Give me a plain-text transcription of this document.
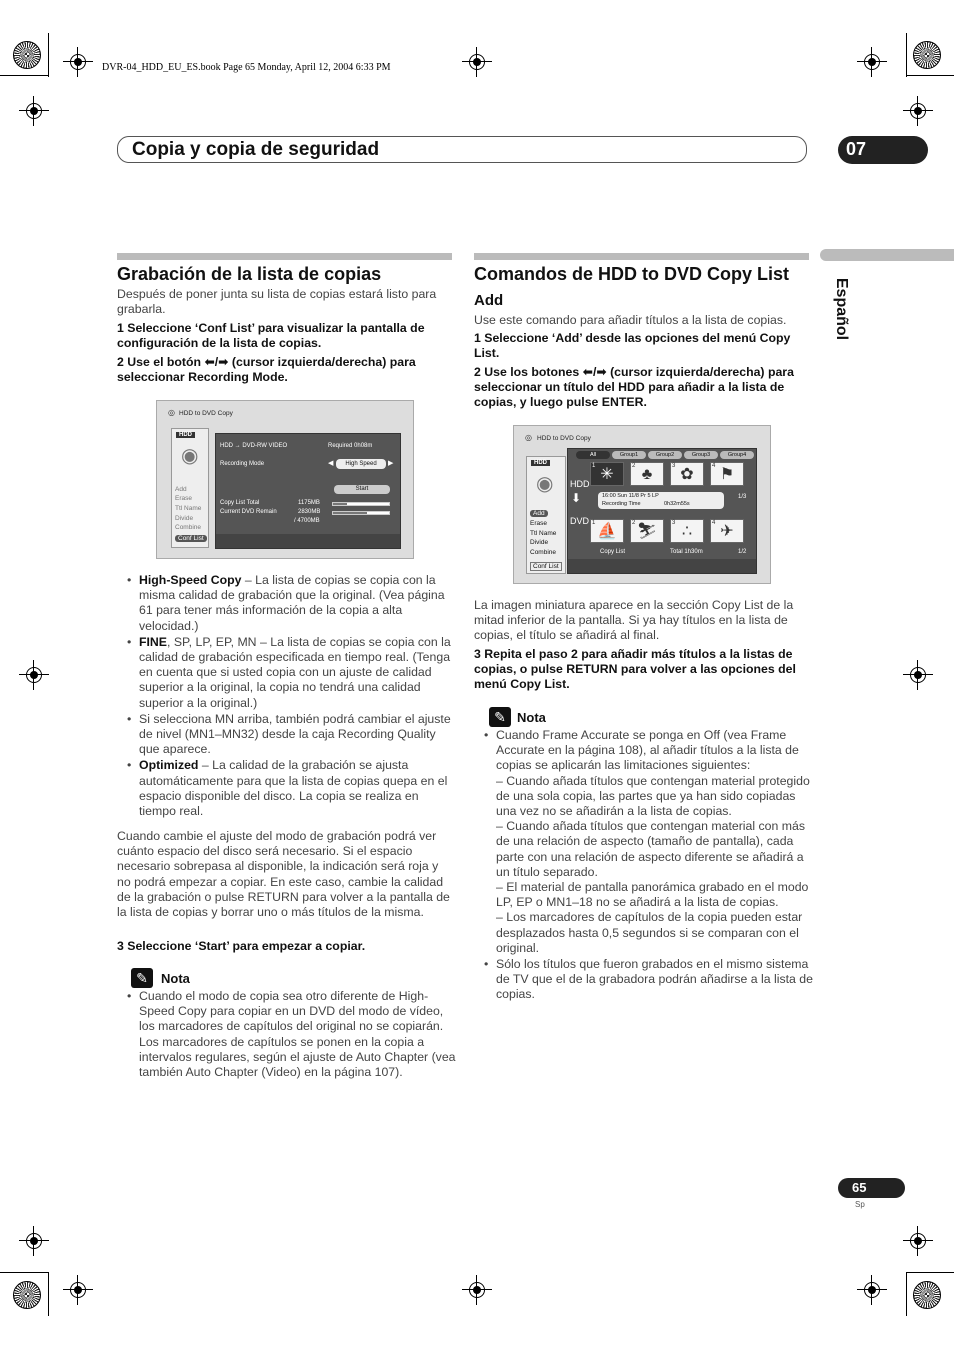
DVR-04_HDD_EU_ES.book Page 65 Monday, April 12, 2004 6:33 PM
Copia y copia de seguridad	07
Español
Grabación de la lista de copias
Después de poner junta su lista de copias estará listo para grabarla.
1 Seleccione ‘Conf List’ para visualizar la pantalla de configuración de la lista de copias.
2 Use el botón ⬅/➡ (cursor izquierda/derecha) para seleccionar Recording Mode.
HDD to DVD Copy
◎
HDD
◉
Add
Erase
Ttl Name
Divide
Combine
Conf List
HDD → DVD-RW VIDEO	Required 0h08m
Recording Mode	◀	High Speed	▶
Start
Copy List Total	1175MB
Current DVD Remain	2830MB
/ 4700MB
• High-Speed Copy – La lista de copias se copia con la misma calidad de grabación que la original. (Vea página 61 para tener más información de la copia a alta velocidad.)
• FINE, SP, LP, EP, MN – La lista de copias se copia con la calidad de grabación especificada en tiempo real. (Tenga en cuenta que si usted copia con un ajuste de calidad superior a la original, la copia no tendrá una calidad superior a la original.)
• Si selecciona MN arriba, también podrá cambiar el ajuste de nivel (MN1–MN32) desde la caja Recording Quality que aparece.
• Optimized – La calidad de la grabación se ajusta automáticamente para que la lista de copias quepa en el espacio disponible del disco. La copia se realiza en tiempo real.
Cuando cambie el ajuste del modo de grabación podrá ver cuánto espacio del disco será necesario. Si el espacio necesario sobrepasa al disponible, la indicación será roja y no podrá empezar a copiar. En este caso, cambie la calidad de la grabación o pulse RETURN para volver a la pantalla de la lista de copias y borrar uno o más títulos de la misma.
3 Seleccione ‘Start’ para empezar a copiar.
✎	Nota
• Cuando el modo de copia sea otro diferente de High-Speed Copy para copiar en un DVD del modo de vídeo, los marcadores de capítulos del original no se copiarán. Los marcadores de capítulos se ponen en la copia a intervalos regulares, según el ajuste de Auto Chapter (vea también Auto Chapter (Video) en la página 107).
Comandos de HDD to DVD Copy List
Add
Use este comando para añadir títulos a la lista de copias.
1 Seleccione ‘Add’ desde las opciones del menú Copy List.
2 Use los botones ⬅/➡ (cursor izquierda/derecha) para seleccionar un título del HDD para añadir a la lista de copias, y luego pulse ENTER.
HDD to DVD Copy
◎
HDD
◉
Add
Erase
Ttl Name
Divide
Combine
Conf List
All	Group1	Group2	Group3	Group4
HDD
⬇
1 ✳	2 ♣	3 ✿	4 ⚑
16:00 Sun 11/8 Pr 5 LP
Recording Time	0h32m55s
1/3
DVD 1 ⛵	2 ⛷	3 ∴	4 ✈
Copy List	Total 1h30m	1/2
La imagen miniatura aparece en la sección Copy List de la mitad inferior de la pantalla. Si ya hay títulos en la lista de copias, el título se añadirá al final.
3 Repita el paso 2 para añadir más títulos a la listas de copias, o pulse RETURN para volver a las opciones del menú Copy List.
✎ Nota
• Cuando Frame Accurate se ponga en Off (vea Frame Accurate en la página 108), al añadir títulos a la lista de copias se aplicarán las limitaciones siguientes:
– Cuando añada títulos que contengan material protegido de una sola copia, las partes que ya han sido copiadas una vez no se añadirán a la lista de copias.
– Cuando añada títulos que contengan material con más de una relación de aspecto (tamaño de pantalla), cada parte con una relación de aspecto diferente se añadirá a un título separado.
– El material de pantalla panorámica grabado en el modo LP, EP o MN1–18 no se añadirá a la lista de copias.
– Los marcadores de capítulos de la copia pueden estar desplazados hasta 0,5 segundos si se comparan con el original.
• Sólo los títulos que fueron grabados en el mismo sistema de TV que el de la grabadora podrán añadirse a la lista de copias.
65
Sp
